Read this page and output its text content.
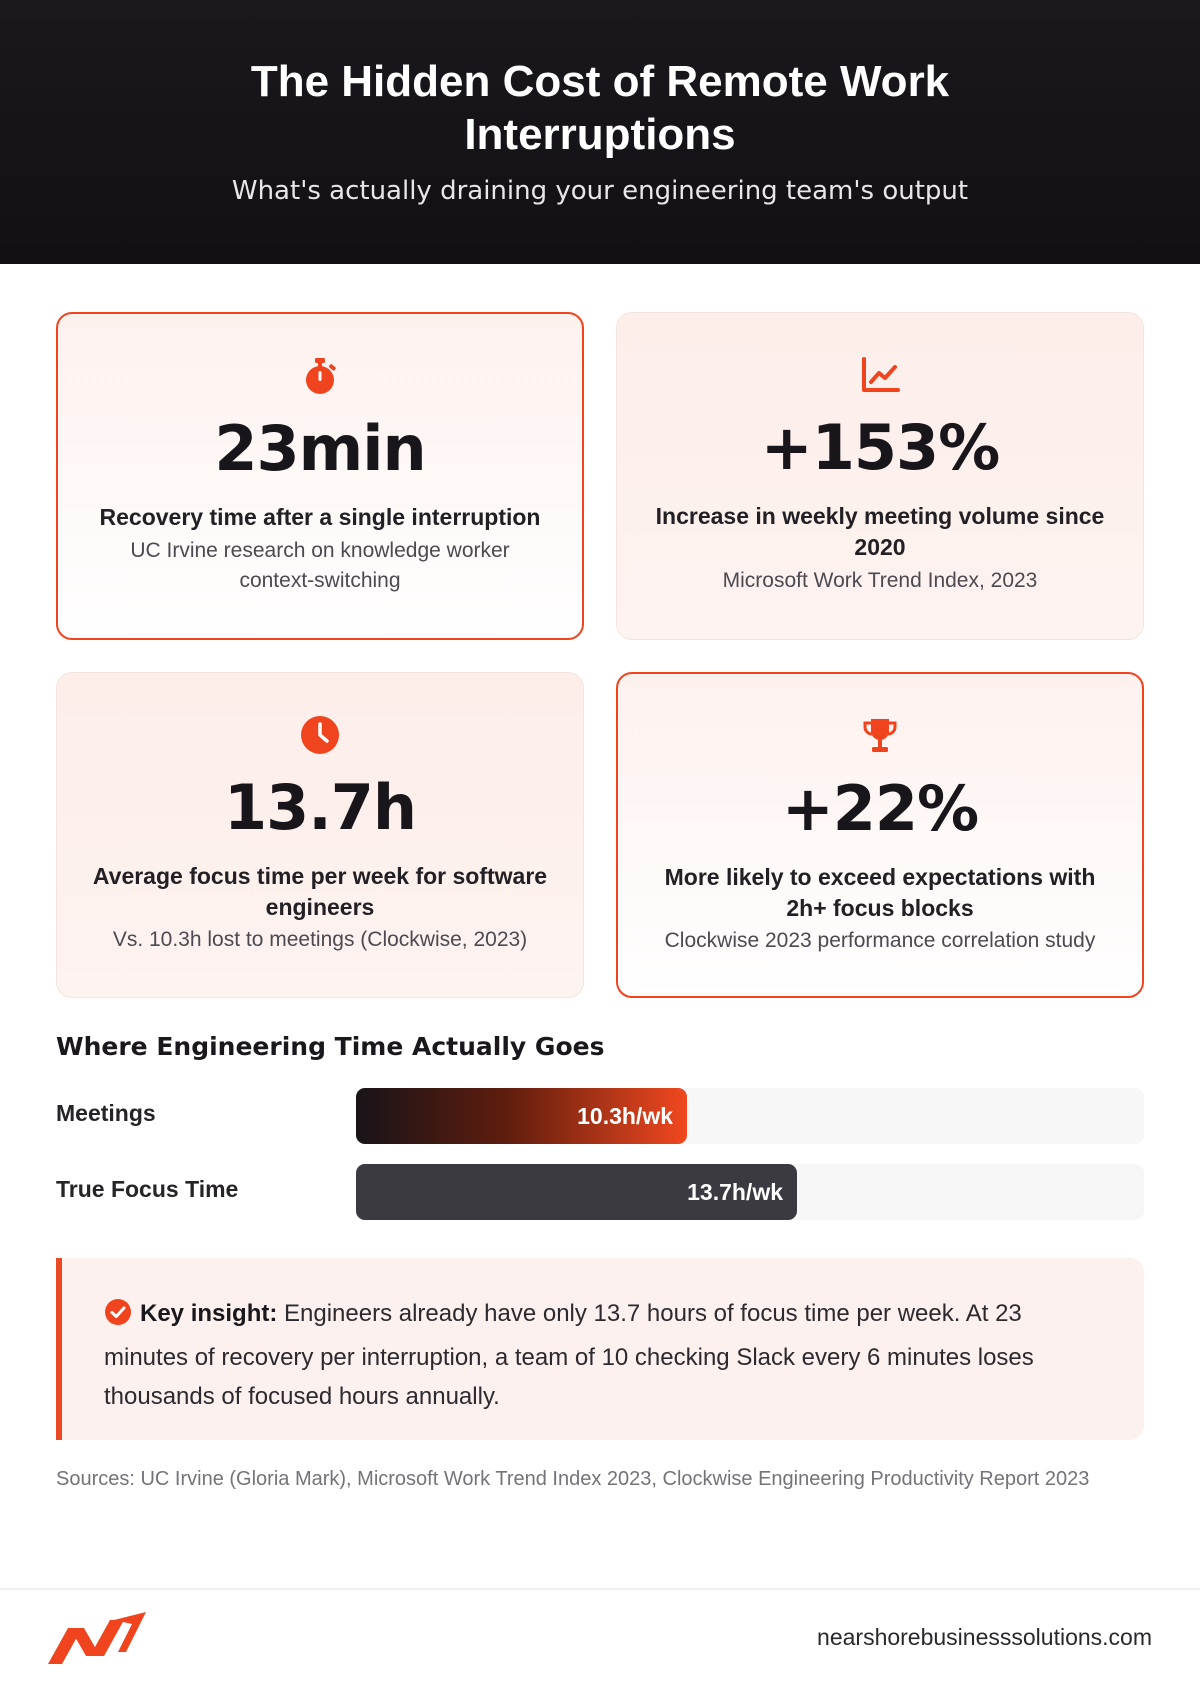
The Hidden Cost of Remote Work Interruptions
What's actually draining your engineering team's output
23min
Recovery time after a single interruption
UC Irvine research on knowledge worker context-switching
+153%
Increase in weekly meeting volume since 2020
Microsoft Work Trend Index, 2023
13.7h
Average focus time per week for software engineers
Vs. 10.3h lost to meetings (Clockwise, 2023)
+22%
More likely to exceed expectations with 2h+ focus blocks
Clockwise 2023 performance correlation study
Where Engineering Time Actually Goes
Meetings	10.3h/wk
True Focus Time	13.7h/wk

Key insight: Engineers already have only 13.7 hours of focus time per week. At 23 minutes of recovery per interruption, a team of 10 checking Slack every 6 minutes loses thousands of focused hours annually.

Sources: UC Irvine (Gloria Mark), Microsoft Work Trend Index 2023, Clockwise Engineering Productivity Report 2023
nearshorebusinesssolutions.com
